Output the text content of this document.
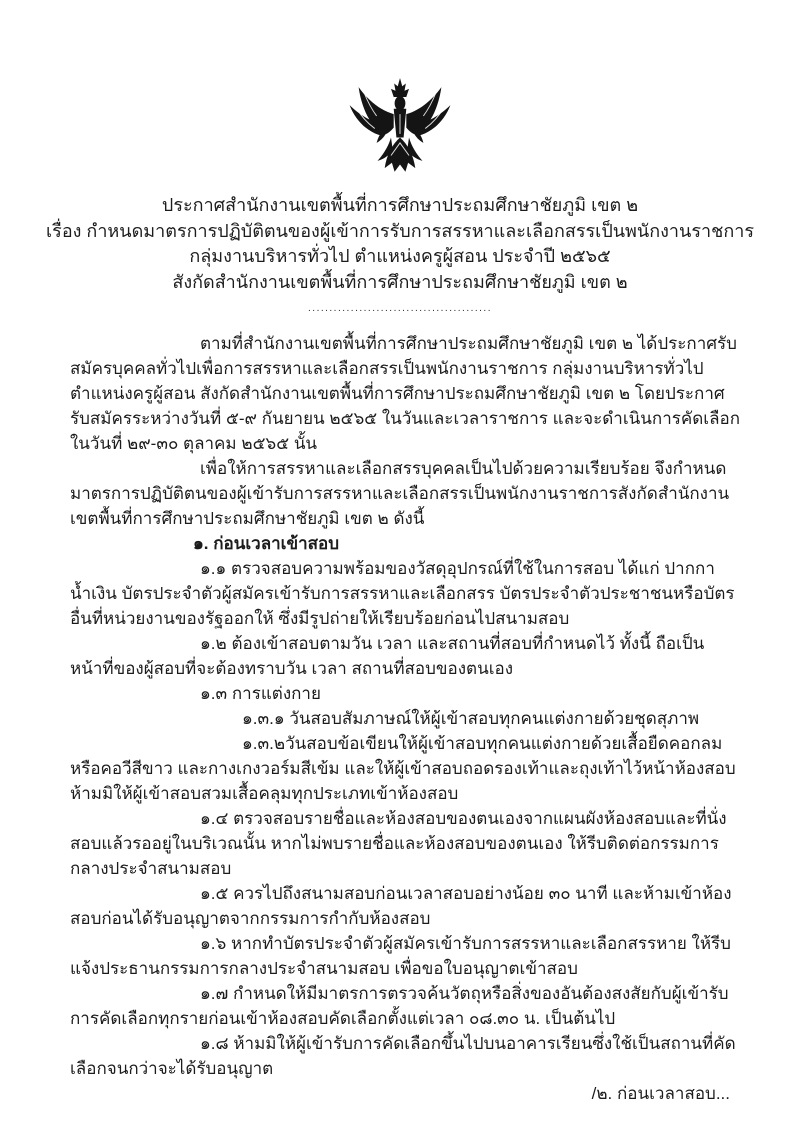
ประกาศสำนักงานเขตพื้นที่การศึกษาประถมศึกษาชัยภูมิ เขต ๒

เรื่อง กำหนดมาตรการปฏิบัติตนของผู้เข้าการรับการสรรหาและเลือกสรรเป็นพนักงานราชการ

กลุ่มงานบริหารทั่วไป ตำแหน่งครูผู้สอน ประจำปี ๒๕๖๕

สังกัดสำนักงานเขตพื้นที่การศึกษาประถมศึกษาชัยภูมิ เขต ๒

...........................................

ตามที่สำนักงานเขตพื้นที่การศึกษาประถมศึกษาชัยภูมิ เขต ๒ ได้ประกาศรับสมัครบุคคลทั่วไปเพื่อการสรรหาและเลือกสรรเป็นพนักงานราชการ กลุ่มงานบริหารทั่วไป ตำแหน่งครูผู้สอน สังกัดสำนักงานเขตพื้นที่การศึกษาประถมศึกษาชัยภูมิ เขต ๒ โดยประกาศรับสมัครระหว่างวันที่ ๕-๙ กันยายน ๒๕๖๕ ในวันและเวลาราชการ และจะดำเนินการคัดเลือกในวันที่ ๒๙-๓๐ ตุลาคม ๒๕๖๕ นั้น

เพื่อให้การสรรหาและเลือกสรรบุคคลเป็นไปด้วยความเรียบร้อย จึงกำหนดมาตรการปฏิบัติตนของผู้เข้ารับการสรรหาและเลือกสรรเป็นพนักงานราชการสังกัดสำนักงานเขตพื้นที่การศึกษาประถมศึกษาชัยภูมิ เขต ๒ ดังนี้

๑. ก่อนเวลาเข้าสอบ

๑.๑ ตรวจสอบความพร้อมของวัสดุอุปกรณ์ที่ใช้ในการสอบ ได้แก่ ปากกาน้ำเงิน บัตรประจำตัวผู้สมัครเข้ารับการสรรหาและเลือกสรร บัตรประจำตัวประชาชนหรือบัตรอื่นที่หน่วยงานของรัฐออกให้ ซึ่งมีรูปถ่ายให้เรียบร้อยก่อนไปสนามสอบ

๑.๒ ต้องเข้าสอบตามวัน เวลา และสถานที่สอบที่กำหนดไว้ ทั้งนี้ ถือเป็นหน้าที่ของผู้สอบที่จะต้องทราบวัน เวลา สถานที่สอบของตนเอง

๑.๓ การแต่งกาย

๑.๓.๑ วันสอบสัมภาษณ์ให้ผู้เข้าสอบทุกคนแต่งกายด้วยชุดสุภาพ

๑.๓.๒วันสอบข้อเขียนให้ผู้เข้าสอบทุกคนแต่งกายด้วยเสื้อยืดคอกลมหรือคอวีสีขาว และกางเกงวอร์มสีเข้ม และให้ผู้เข้าสอบถอดรองเท้าและถุงเท้าไว้หน้าห้องสอบ ห้ามมิให้ผู้เข้าสอบสวมเสื้อคลุมทุกประเภทเข้าห้องสอบ

๑.๔ ตรวจสอบรายชื่อและห้องสอบของตนเองจากแผนผังห้องสอบและที่นั่งสอบแล้วรออยู่ในบริเวณนั้น หากไม่พบรายชื่อและห้องสอบของตนเอง ให้รีบติดต่อกรรมการกลางประจำสนามสอบ

๑.๕ ควรไปถึงสนามสอบก่อนเวลาสอบอย่างน้อย ๓๐ นาที และห้ามเข้าห้องสอบก่อนได้รับอนุญาตจากกรรมการกำกับห้องสอบ

๑.๖ หากทำบัตรประจำตัวผู้สมัครเข้ารับการสรรหาและเลือกสรรหาย ให้รีบแจ้งประธานกรรมการกลางประจำสนามสอบ เพื่อขอใบอนุญาตเข้าสอบ

๑.๗ กำหนดให้มีมาตรการตรวจค้นวัตถุหรือสิ่งของอันต้องสงสัยกับผู้เข้ารับการคัดเลือกทุกรายก่อนเข้าห้องสอบคัดเลือกตั้งแต่เวลา ๐๘.๓๐ น. เป็นต้นไป

๑.๘ ห้ามมิให้ผู้เข้ารับการคัดเลือกขึ้นไปบนอาคารเรียนซึ่งใช้เป็นสถานที่คัดเลือกจนกว่าจะได้รับอนุญาต

/๒. ก่อนเวลาสอบ...
